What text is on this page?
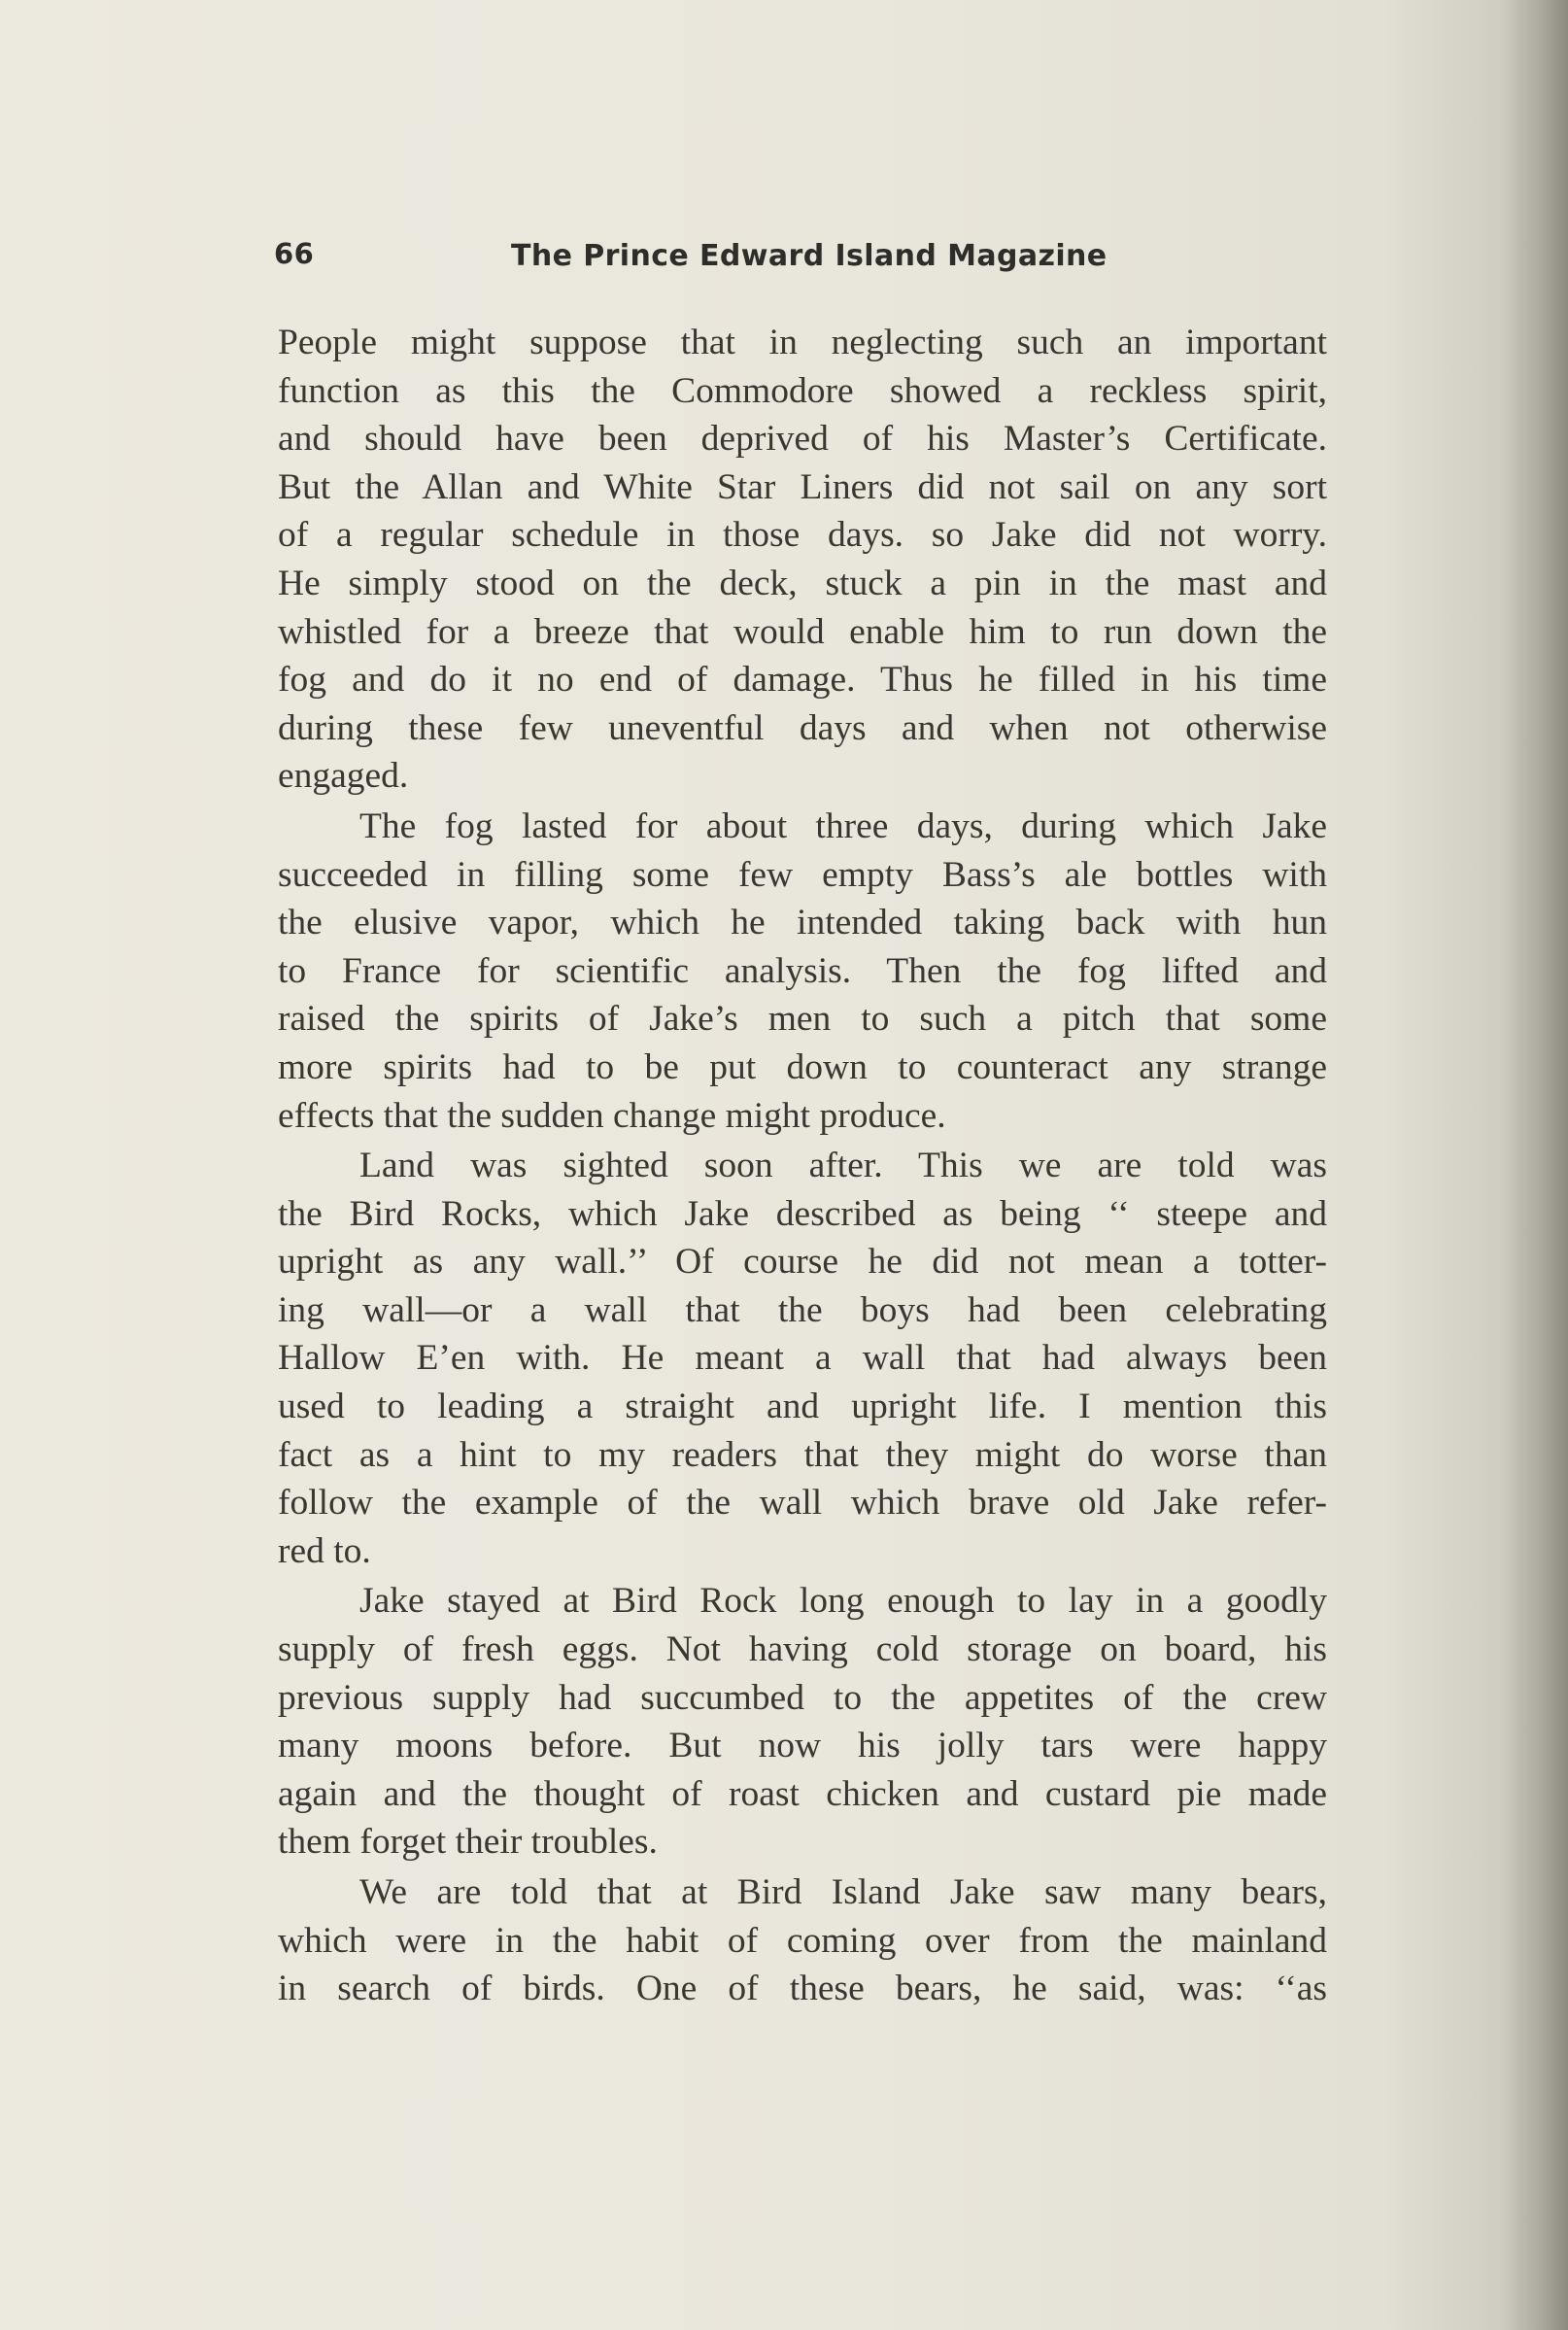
66	The Prince Edward Island Magazine

People might suppose that in neglecting such an important
function as this the Commodore showed a reckless spirit,
and should have been deprived of his Master’s Certificate.
But the Allan and White Star Liners did not sail on any sort
of a regular schedule in those days. so Jake did not worry.
He simply stood on the deck, stuck a pin in the mast and
whistled for a breeze that would enable him to run down the
fog and do it no end of damage. Thus he filled in his time
during these few uneventful days and when not otherwise
engaged.

The fog lasted for about three days, during which Jake
succeeded in filling some few empty Bass’s ale bottles with
the elusive vapor, which he intended taking back with hun
to France for scientific analysis. Then the fog lifted and
raised the spirits of Jake’s men to such a pitch that some
more spirits had to be put down to counteract any strange
effects that the sudden change might produce.

Land was sighted soon after. This we are told was
the Bird Rocks, which Jake described as being ‘‘ steepe and
upright as any wall.’’ Of course he did not mean a totter-
ing wall—or a wall that the boys had been celebrating
Hallow E’en with. He meant a wall that had always been
used to leading a straight and upright life. I mention this
fact as a hint to my readers that they might do worse than
follow the example of the wall which brave old Jake refer-
red to.

Jake stayed at Bird Rock long enough to lay in a goodly
supply of fresh eggs. Not having cold storage on board, his
previous supply had succumbed to the appetites of the crew
many moons before. But now his jolly tars were happy
again and the thought of roast chicken and custard pie made
them forget their troubles.

We are told that at Bird Island Jake saw many bears,
which were in the habit of coming over from the mainland
in search of birds. One of these bears, he said, was: ‘‘as
